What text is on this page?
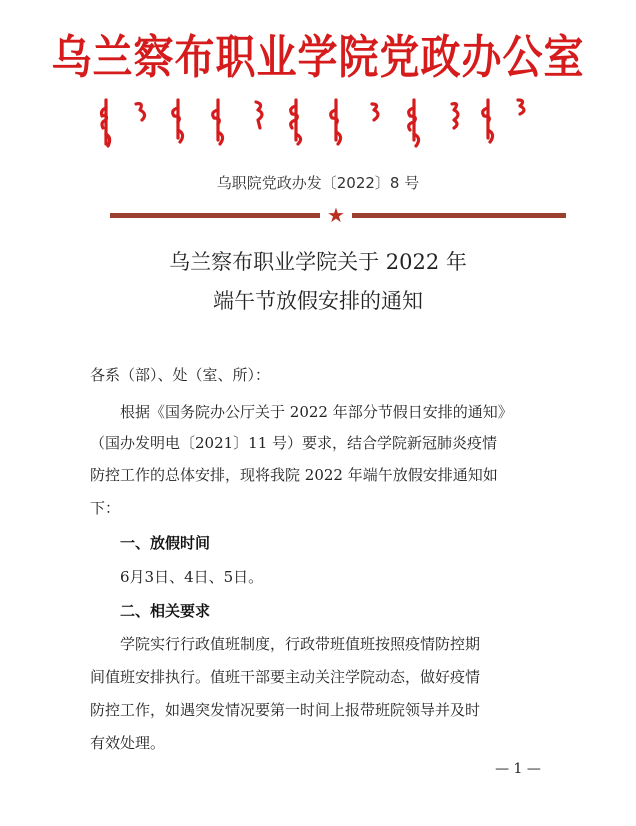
乌兰察布职业学院党政办公室
乌职院党政办发〔2022〕8 号
★
乌兰察布职业学院关于 2022 年
端午节放假安排的通知
各系（部）、处（室、所）：
根据《国务院办公厅关于 2022 年部分节假日安排的通知》
（国办发明电〔2021〕11 号）要求，结合学院新冠肺炎疫情
防控工作的总体安排，现将我院 2022 年端午放假安排通知如
下：
一、放假时间
6月3日、4日、5日。
二、相关要求
学院实行行政值班制度，行政带班值班按照疫情防控期
间值班安排执行。值班干部要主动关注学院动态，做好疫情
防控工作，如遇突发情况要第一时间上报带班院领导并及时
有效处理。
— 1 —
